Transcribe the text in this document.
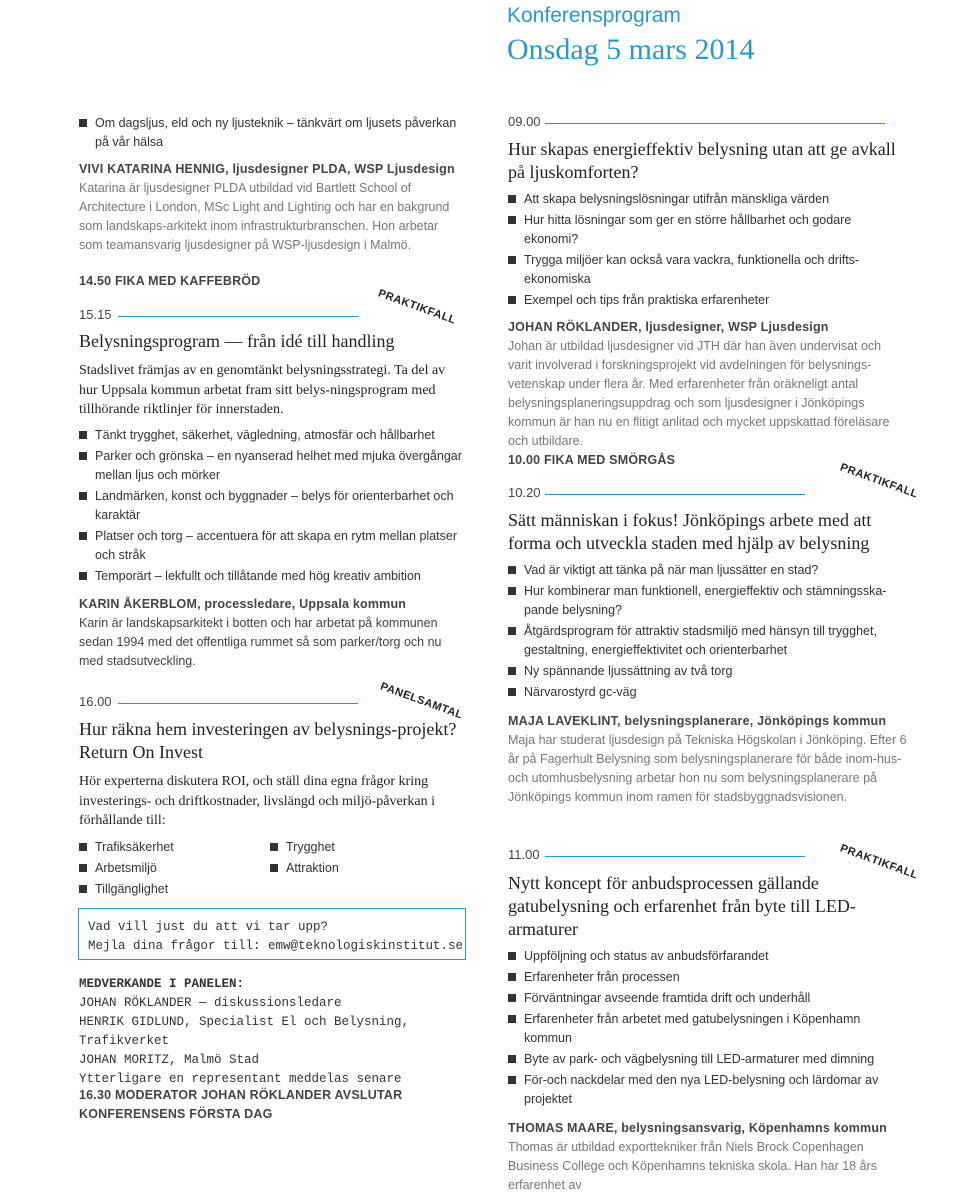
Konferensprogram
Onsdag 5 mars 2014
Om dagsljus, eld och ny ljusteknik – tänkvärt om ljusets påverkan på vår hälsa
VIVI KATARINA HENNIG, ljusdesigner PLDA, WSP Ljusdesign
Katarina är ljusdesigner PLDA utbildad vid Bartlett School of Architecture i London, MSc Light and Lighting och har en bakgrund som landskaps-arkitekt inom infrastrukturbranschen. Hon arbetar som teamansvarig ljusdesigner på WSP-ljusdesign i Malmö.
14.50 FIKA MED KAFFEBRÖD
15.15	PRAKTIKFALL
Belysningsprogram — från idé till handling
Stadslivet främjas av en genomtänkt belysningsstrategi. Ta del av hur Uppsala kommun arbetat fram sitt belys-ningsprogram med tillhörande riktlinjer för innerstaden.
Tänkt trygghet, säkerhet, vägledning, atmosfär och hållbarhet
Parker och grönska – en nyanserad helhet med mjuka övergångar mellan ljus och mörker
Landmärken, konst och byggnader – belys för orienterbarhet och karaktär
Platser och torg – accentuera för att skapa en rytm mellan platser och stråk
Temporärt – lekfullt och tillåtande med hög kreativ ambition
KARIN ÅKERBLOM, processledare, Uppsala kommun
Karin är landskapsarkitekt i botten och har arbetat på kommunen sedan 1994 med det offentliga rummet så som parker/torg och nu med stadsutveckling.
16.00	PANELSAMTAL
Hur räkna hem investeringen av belysnings-projekt? Return On Invest
Hör experterna diskutera ROI, och ställ dina egna frågor kring investerings- och driftkostnader, livslängd och miljö-påverkan i förhållande till:
Trafiksäkerhet
Arbetsmiljö
Tillgänglighet
Trygghet
Attraktion
Vad vill just du att vi tar upp?
Mejla dina frågor till: emw@teknologiskinstitut.se
MEDVERKANDE I PANELEN:
JOHAN RÖKLANDER — diskussionsledare
HENRIK GIDLUND, Specialist El och Belysning, Trafikverket
JOHAN MORITZ, Malmö Stad
Ytterligare en representant meddelas senare
16.30 MODERATOR JOHAN RÖKLANDER AVSLUTAR KONFERENSENS FÖRSTA DAG
09.00
Hur skapas energieffektiv belysning utan att ge avkall på ljuskomforten?
Att skapa belysningslösningar utifrån mänskliga värden
Hur hitta lösningar som ger en större hållbarhet och godare ekonomi?
Trygga miljöer kan också vara vackra, funktionella och drifts-ekonomiska
Exempel och tips från praktiska erfarenheter
JOHAN RÖKLANDER, ljusdesigner, WSP Ljusdesign
Johan är utbildad ljusdesigner vid JTH där han även undervisat och varit involverad i forskningsprojekt vid avdelningen för belysnings-vetenskap under flera år. Med erfarenheter från oräkneligt antal belysningsplaneringsuppdrag och som ljusdesigner i Jönköpings kommun är han nu en flitigt anlitad och mycket uppskattad föreläsare och utbildare.
10.00 FIKA MED SMÖRGÅS
10.20	PRAKTIKFALL
Sätt människan i fokus! Jönköpings arbete med att forma och utveckla staden med hjälp av belysning
Vad är viktigt att tänka på när man ljussätter en stad?
Hur kombinerar man funktionell, energieffektiv och stämningsska-pande belysning?
Åtgärdsprogram för attraktiv stadsmiljö med hänsyn till trygghet, gestaltning, energieffektivitet och orienterbarhet
Ny spännande ljussättning av två torg
Närvarostyrd gc-väg
MAJA LAVEKLINT, belysningsplanerare, Jönköpings kommun
Maja har studerat ljusdesign på Tekniska Högskolan i Jönköping. Efter 6 år på Fagerhult Belysning som belysningsplanerare för både inom-hus- och utomhusbelysning arbetar hon nu som belysningsplanerare på Jönköpings kommun inom ramen för stadsbyggnadsvisionen.
11.00	PRAKTIKFALL
Nytt koncept för anbudsprocessen gällande gatubelysning och erfarenhet från byte till LED-armaturer
Uppföljning och status av anbudsförfarandet
Erfarenheter från processen
Förväntningar avseende framtida drift och underhåll
Erfarenheter från arbetet med gatubelysningen i Köpenhamn kommun
Byte av park- och vägbelysning till LED-armaturer med dimning
För-och nackdelar med den nya LED-belysning och lärdomar av projektet
THOMAS MAARE, belysningsansvarig, Köpenhamns kommun
Thomas är utbildad exporttekniker från Niels Brock Copenhagen Business College och Köpenhamns tekniska skola. Han har 18 års erfarenhet av
